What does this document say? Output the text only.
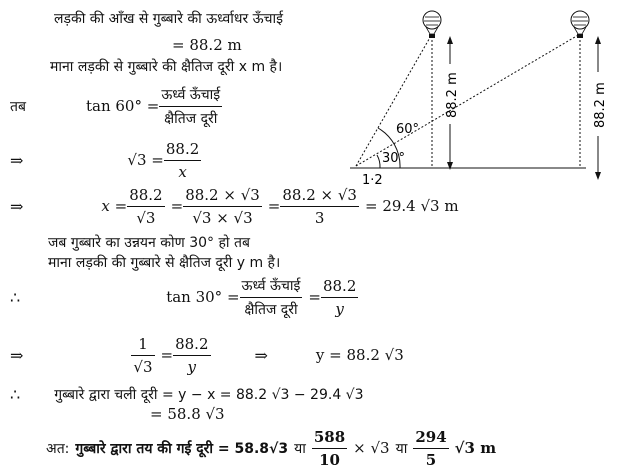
लड़की की आँख से गुब्बारे की ऊर्ध्वाधर ऊँचाई
= 88.2 m
माना लड़की से गुब्बारे की क्षैतिज दूरी x m है।
तब	$\tan 60^\circ = \frac{\text{ऊर्ध्व ऊँचाई}}{\text{क्षैतिज दूरी}}$
⇒	$√3 = \frac{88.2}{x}$
⇒	$x = \frac{88.2}{√3} = \frac{88.2 \times √3}{√3 \times √3} = \frac{88.2 \times √3}{3} = 29.4$ √3 m
जब गुब्बारे का उन्नयन कोण 30° हो तब
माना लड़की की गुब्बारे से क्षैतिज दूरी y m है।
∴	$\tan 30^\circ = \frac{\text{ऊर्ध्व ऊँचाई}}{\text{क्षैतिज दूरी}} = \frac{88.2}{y}$
⇒	$\frac{1}{√3} = \frac{88.2}{y}$	⇒	y = 88.2 √3
∴ गुब्बारे द्वारा चली दूरी = y − x = 88.2 √3 − 29.4 √3
= 58.8 √3
अत: गुब्बारे द्वारा तय की गई दूरी = 58.8√3 या $\frac{588}{10} \times √3$ या $\frac{294}{5} √3$ m
88.2 m	88.2 m
60°
30°
1·2
